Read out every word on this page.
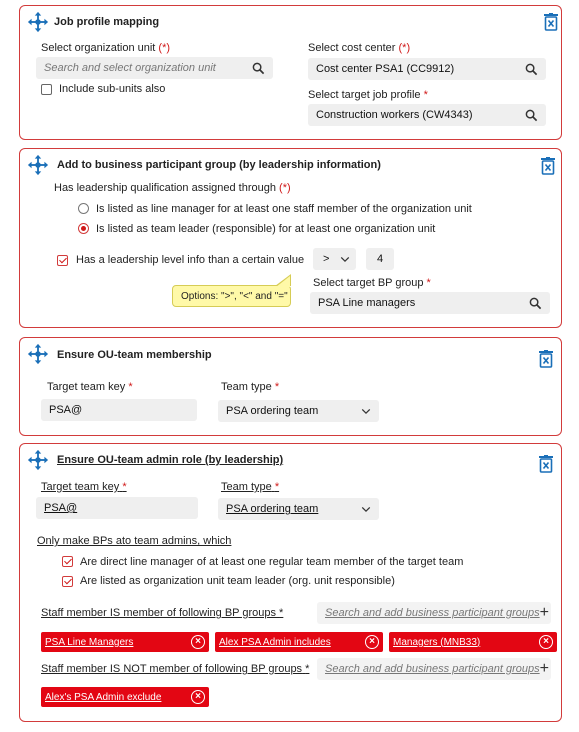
Job profile mapping
Select organization unit (*)
Search and select organization unit
Include sub-units also
Select cost center (*)
Cost center PSA1 (CC9912)
Select target job profile *
Construction workers (CW4343)
Add to business participant group (by leadership information)
Has leadership qualification assigned through (*)
Is listed as line manager for at least one staff member of the organization unit
Is listed as team leader (responsible) for at least one organization unit
Has a leadership level info than a certain value	>	4
Options: ">", "<" and "="
Select target BP group *
PSA Line managers
Ensure OU-team membership
Target team key *
PSA@
Team type *
PSA ordering team
Ensure OU-team admin role (by leadership)
Target team key *
PSA@
Team type *
PSA ordering team
Only make BPs ato team admins, which
Are direct line manager of at least one regular team member of the target team
Are listed as organization unit team leader (org. unit responsible)
Staff member IS member of following BP groups *	Search and add business participant groups +
PSA Line Managers	×	Alex PSA Admin includes	×	Managers (MNB33)	×
Staff member IS NOT member of following BP groups * Search and add business participant groups +
Alex's PSA Admin exclude	×
